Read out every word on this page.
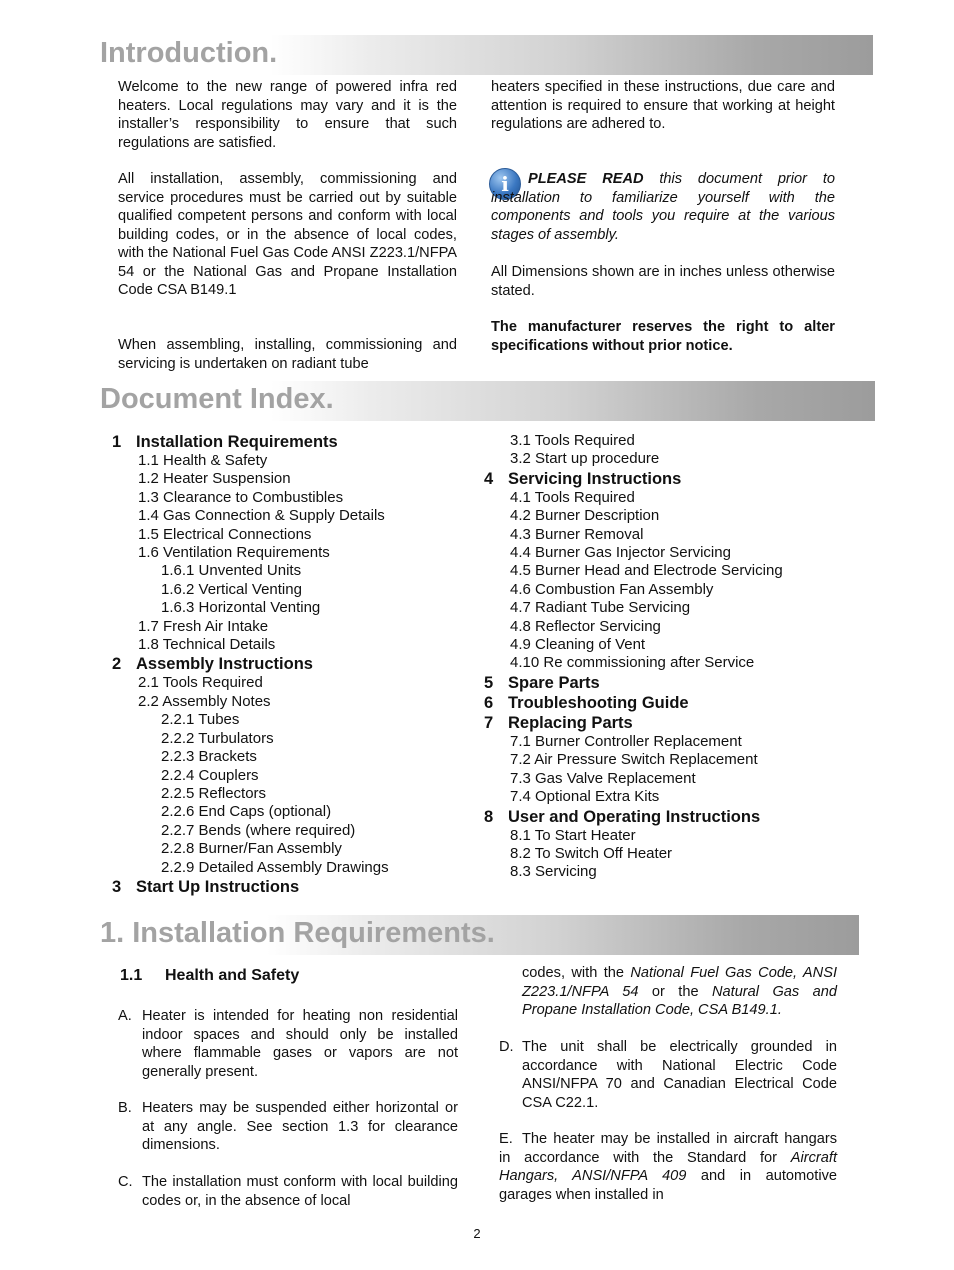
Introduction.

Welcome to the new range of powered infra red heaters. Local regulations may vary and it is the installer’s responsibility to ensure that such regulations are satisfied.

All installation, assembly, commissioning and service procedures must be carried out by suitable qualified competent persons and conform with local building codes, or in the absence of local codes, with the National Fuel Gas Code ANSI Z223.1/NFPA 54 or the National Gas and Propane Installation Code CSA B149.1

When assembling, installing, commissioning and servicing is undertaken on radiant tube

heaters specified in these instructions, due care and attention is required to ensure that working at height regulations are adhered to.

i	PLEASE READ this document prior to installation to familiarize yourself with the components and tools you require at the various stages of assembly.

All Dimensions shown are in inches unless otherwise stated.

The manufacturer reserves the right to alter specifications without prior notice.

Document Index.
1 Installation Requirements
1.1 Health & Safety
1.2 Heater Suspension
1.3 Clearance to Combustibles
1.4 Gas Connection & Supply Details
1.5 Electrical Connections
1.6 Ventilation Requirements
1.6.1 Unvented Units
1.6.2 Vertical Venting
1.6.3 Horizontal Venting
1.7 Fresh Air Intake
1.8 Technical Details
2 Assembly Instructions
2.1 Tools Required
2.2 Assembly Notes
2.2.1 Tubes
2.2.2 Turbulators
2.2.3 Brackets
2.2.4 Couplers
2.2.5 Reflectors
2.2.6 End Caps (optional)
2.2.7 Bends (where required)
2.2.8 Burner/Fan Assembly
2.2.9 Detailed Assembly Drawings
3 Start Up Instructions
3.1 Tools Required
3.2 Start up procedure
4 Servicing Instructions
4.1 Tools Required
4.2 Burner Description
4.3 Burner Removal
4.4 Burner Gas Injector Servicing
4.5 Burner Head and Electrode Servicing
4.6 Combustion Fan Assembly
4.7 Radiant Tube Servicing
4.8 Reflector Servicing
4.9 Cleaning of Vent
4.10 Re commissioning after Service
5 Spare Parts
6 Troubleshooting Guide
7 Replacing Parts
7.1 Burner Controller Replacement
7.2 Air Pressure Switch Replacement
7.3 Gas Valve Replacement
7.4 Optional Extra Kits
8 User and Operating Instructions
8.1 To Start Heater
8.2 To Switch Off Heater
8.3 Servicing
1. Installation Requirements.
1.1 Health and Safety
A. Heater is intended for heating non residential indoor spaces and should only be installed where flammable gases or vapors are not generally present.
B. Heaters may be suspended either horizontal or at any angle. See section 1.3 for clearance dimensions.
C. The installation must conform with local building codes or, in the absence of local
codes, with the National Fuel Gas Code, ANSI Z223.1/NFPA 54 or the Natural Gas and Propane Installation Code, CSA B149.1.
D. The unit shall be electrically grounded in accordance with National Electric Code ANSI/NFPA 70 and Canadian Electrical Code CSA C22.1.
E. The heater may be installed in aircraft hangars in accordance with the Standard for Aircraft Hangars, ANSI/NFPA 409 and in automotive garages when installed in
2
